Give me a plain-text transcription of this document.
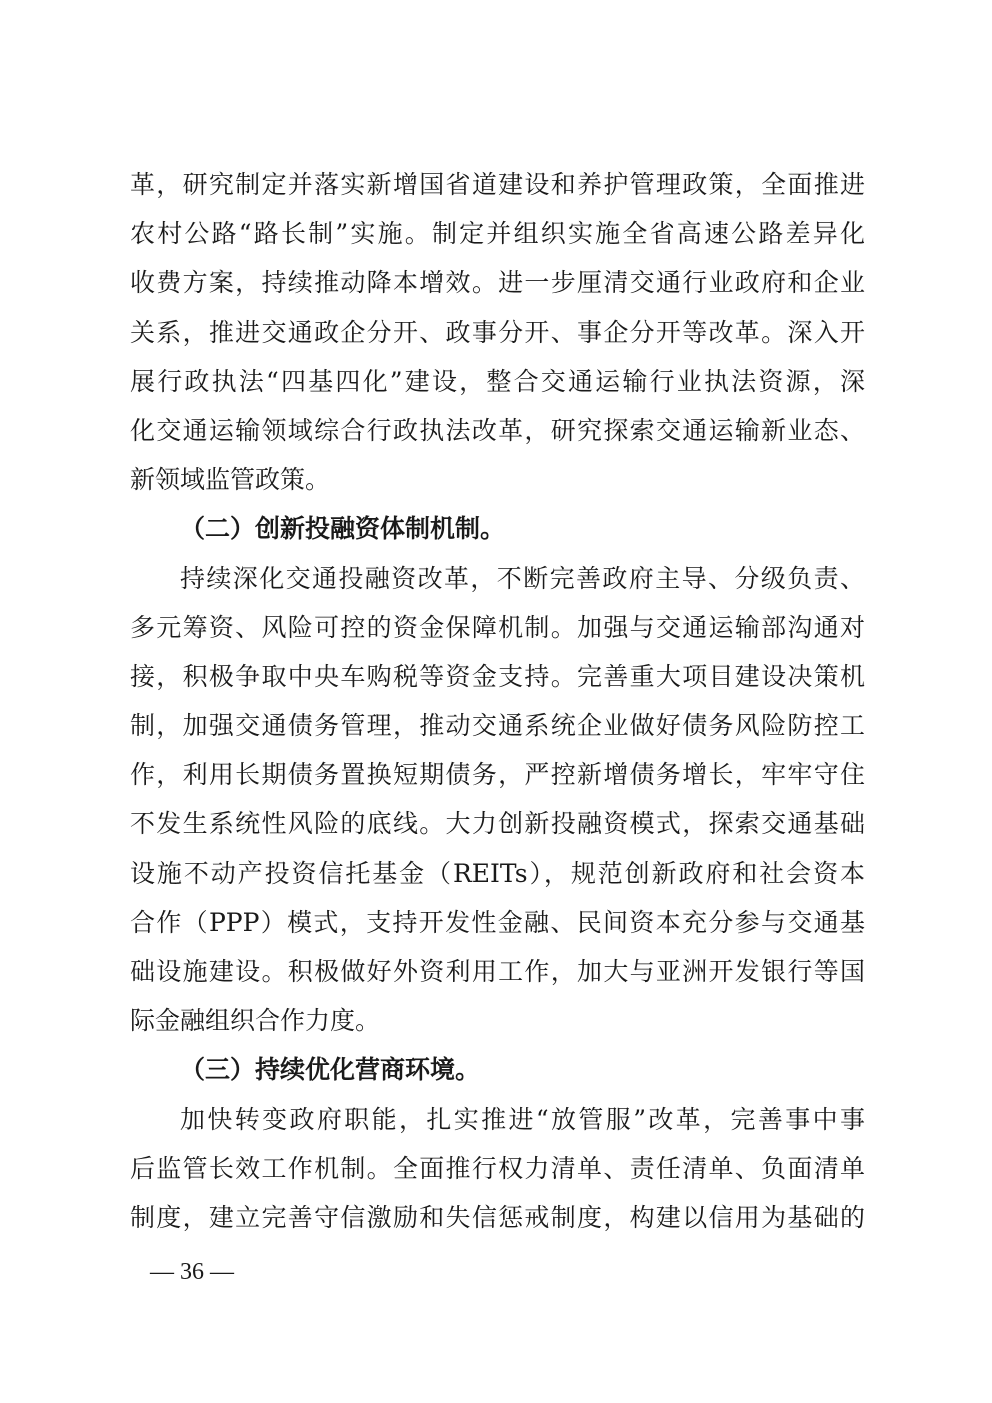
革，研究制定并落实新增国省道建设和养护管理政策，全面推进
农村公路“路长制”实施。制定并组织实施全省高速公路差异化
收费方案，持续推动降本增效。进一步厘清交通行业政府和企业
关系，推进交通政企分开、政事分开、事企分开等改革。深入开
展行政执法“四基四化”建设，整合交通运输行业执法资源，深
化交通运输领域综合行政执法改革，研究探索交通运输新业态、
新领域监管政策。
（二）创新投融资体制机制。
持续深化交通投融资改革，不断完善政府主导、分级负责、
多元筹资、风险可控的资金保障机制。加强与交通运输部沟通对
接，积极争取中央车购税等资金支持。完善重大项目建设决策机
制，加强交通债务管理，推动交通系统企业做好债务风险防控工
作，利用长期债务置换短期债务，严控新增债务增长，牢牢守住
不发生系统性风险的底线。大力创新投融资模式，探索交通基础
设施不动产投资信托基金（REITs），规范创新政府和社会资本
合作（PPP）模式，支持开发性金融、民间资本充分参与交通基
础设施建设。积极做好外资利用工作，加大与亚洲开发银行等国
际金融组织合作力度。
（三）持续优化营商环境。
加快转变政府职能，扎实推进“放管服”改革，完善事中事
后监管长效工作机制。全面推行权力清单、责任清单、负面清单
制度，建立完善守信激励和失信惩戒制度，构建以信用为基础的
— 36 —
